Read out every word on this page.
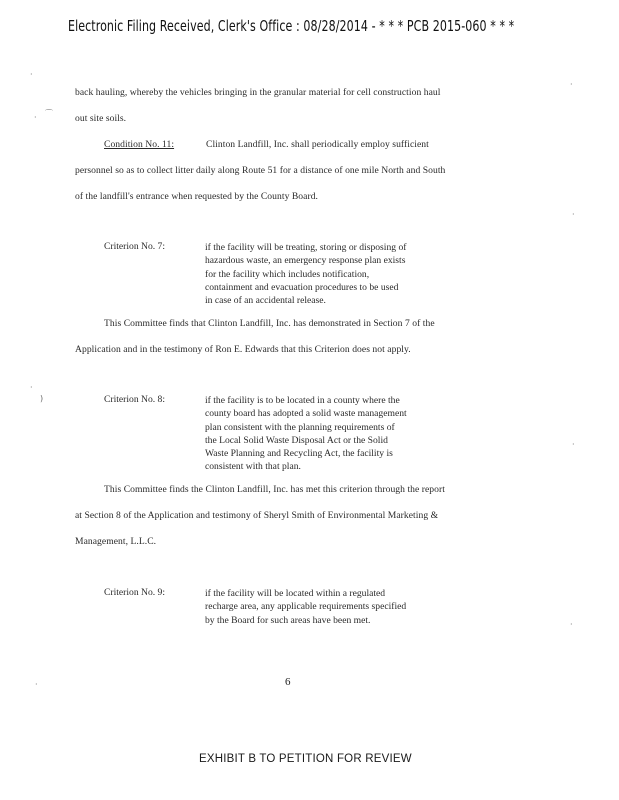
Electronic Filing Received, Clerk's Office : 08/28/2014 - * * * PCB 2015-060 * * *
back hauling, whereby the vehicles bringing in the granular material for cell construction haul
out site soils.
Condition No. 11:	Clinton Landfill, Inc. shall periodically employ sufficient
personnel so as to collect litter daily along Route 51 for a distance of one mile North and South
of the landfill's entrance when requested by the County Board.
Criterion No. 7:	if the facility will be treating, storing or disposing of
hazardous waste, an emergency response plan exists
for the facility which includes notification,
containment and evacuation procedures to be used
in case of an accidental release.
This Committee finds that Clinton Landfill, Inc. has demonstrated in Section 7 of the
Application and in the testimony of Ron E. Edwards that this Criterion does not apply.
Criterion No. 8:	if the facility is to be located in a county where the
county board has adopted a solid waste management
plan consistent with the planning requirements of
the Local Solid Waste Disposal Act or the Solid
Waste Planning and Recycling Act, the facility is
consistent with that plan.
This Committee finds the Clinton Landfill, Inc. has met this criterion through the report
at Section 8 of the Application and testimony of Sheryl Smith of Environmental Marketing &
Management, L.L.C.
Criterion No. 9:	if the facility will be located within a regulated
recharge area, any applicable requirements specified
by the Board for such areas have been met.
6
EXHIBIT B TO PETITION FOR REVIEW
·
· ⌒
)
·
·
·
·
·
·
